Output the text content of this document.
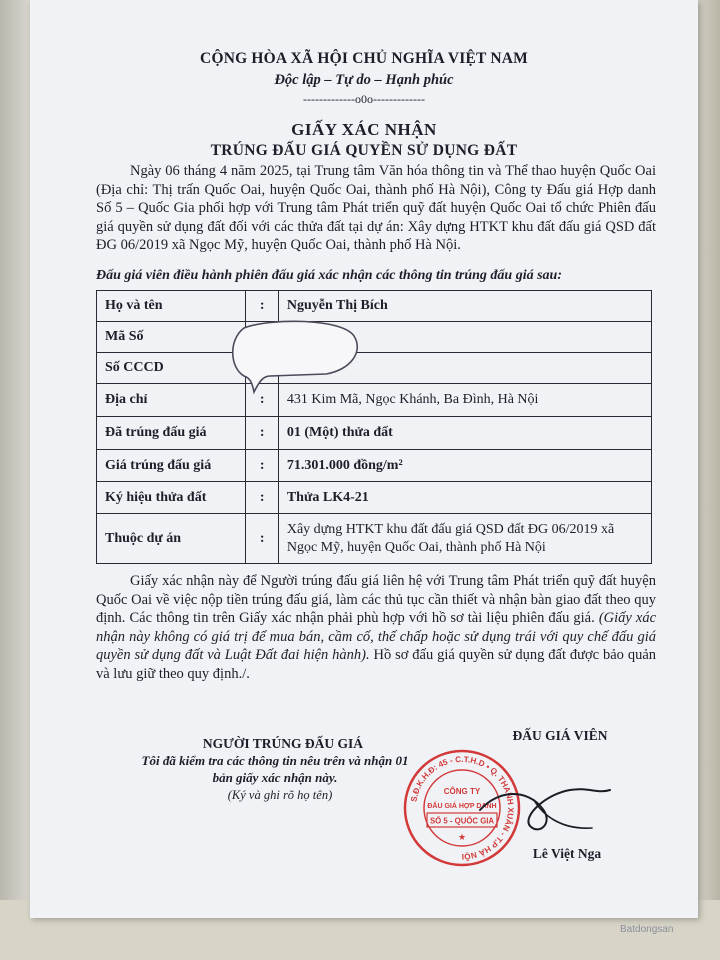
CỘNG HÒA XÃ HỘI CHỦ NGHĨA VIỆT NAM
Độc lập – Tự do – Hạnh phúc
-------------o0o-------------
GIẤY XÁC NHẬN
TRÚNG ĐẤU GIÁ QUYỀN SỬ DỤNG ĐẤT
Ngày 06 tháng 4 năm 2025, tại Trung tâm Văn hóa thông tin và Thể thao huyện Quốc Oai (Địa chỉ: Thị trấn Quốc Oai, huyện Quốc Oai, thành phố Hà Nội), Công ty Đấu giá Hợp danh Số 5 – Quốc Gia phối hợp với Trung tâm Phát triển quỹ đất huyện Quốc Oai tổ chức Phiên đấu giá quyền sử dụng đất đối với các thửa đất tại dự án: Xây dựng HTKT khu đất đấu giá QSD đất ĐG 06/2019 xã Ngọc Mỹ, huyện Quốc Oai, thành phố Hà Nội.
Đấu giá viên điều hành phiên đấu giá xác nhận các thông tin trúng đấu giá sau:
Họ và tên	:	Nguyễn Thị Bích
Mã Số		
Số CCCD		
Địa chỉ	:	431 Kim Mã, Ngọc Khánh, Ba Đình, Hà Nội
Đã trúng đấu giá	:	01 (Một) thửa đất
Giá trúng đấu giá	:	71.301.000 đồng/m²
Ký hiệu thửa đất	:	Thửa LK4-21
Thuộc dự án	:	Xây dựng HTKT khu đất đấu giá QSD đất ĐG 06/2019 xã Ngọc Mỹ, huyện Quốc Oai, thành phố Hà Nội
Giấy xác nhận này để Người trúng đấu giá liên hệ với Trung tâm Phát triển quỹ đất huyện Quốc Oai về việc nộp tiền trúng đấu giá, làm các thủ tục cần thiết và nhận bàn giao đất theo quy định. Các thông tin trên Giấy xác nhận phải phù hợp với hồ sơ tài liệu phiên đấu giá. (Giấy xác nhận này không có giá trị để mua bán, cầm cố, thế chấp hoặc sử dụng trái với quy chế đấu giá quyền sử dụng đất và Luật Đất đai hiện hành). Hồ sơ đấu giá quyền sử dụng đất được bảo quản và lưu giữ theo quy định./.
NGƯỜI TRÚNG ĐẤU GIÁ
Tôi đã kiểm tra các thông tin nêu trên và nhận 01 bản giấy xác nhận này.
(Ký và ghi rõ họ tên)
ĐẤU GIÁ VIÊN
S.Đ.K.H.Đ: 45 - C.T.H.D • Q. THANH XUÂN - T.P HÀ NỘI
CÔNG TY
ĐẤU GIÁ HỢP DANH
SỐ 5 - QUỐC GIA
★
Lê Việt Nga
Batdongsan
